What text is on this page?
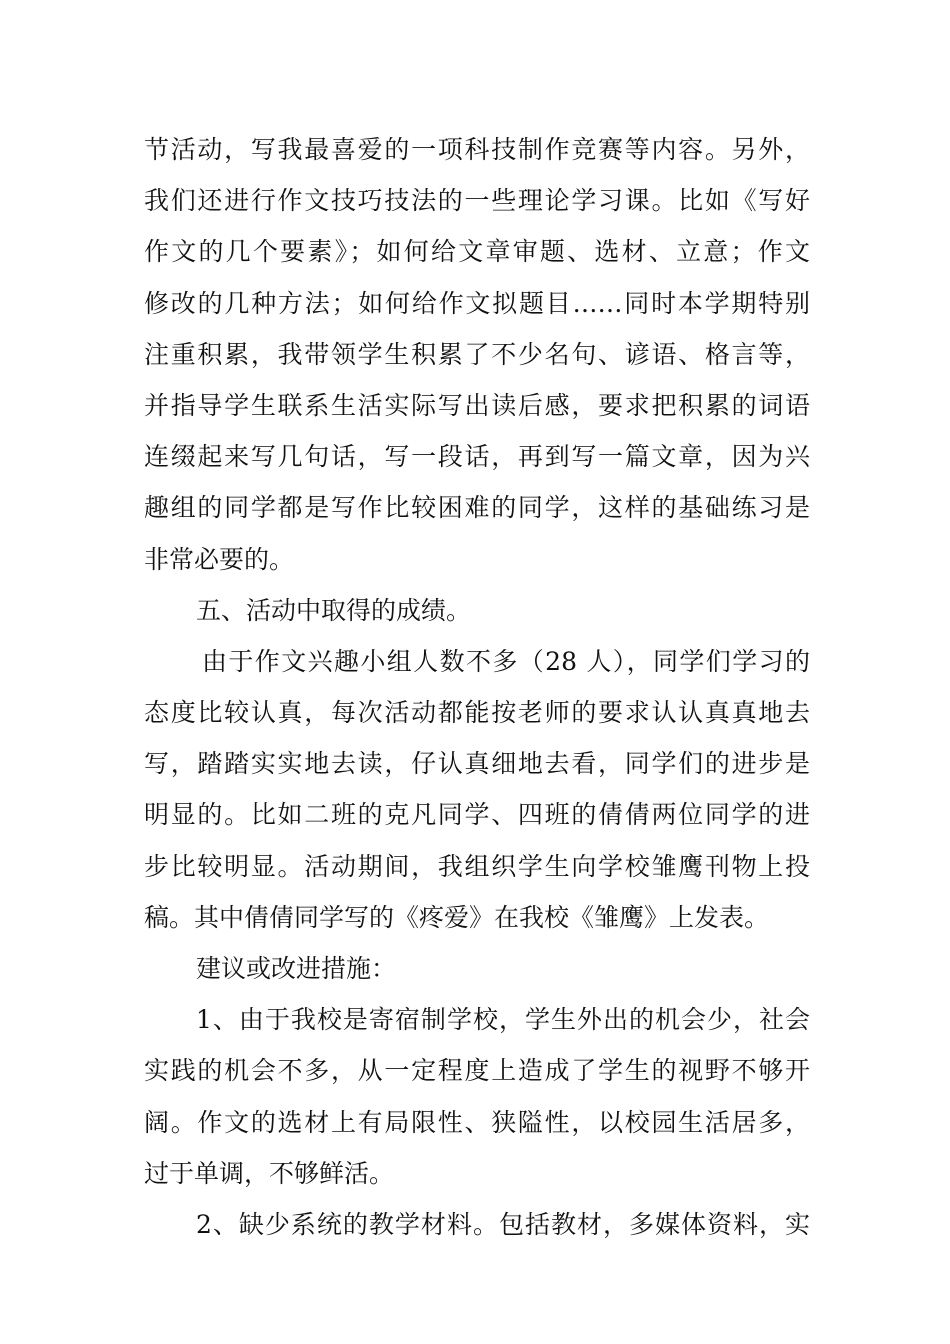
节活动，写我最喜爱的一项科技制作竞赛等内容。另外，
我们还进行作文技巧技法的一些理论学习课。比如《写好
作文的几个要素》；如何给文章审题、选材、立意；作文
修改的几种方法；如何给作文拟题目……同时本学期特别
注重积累，我带领学生积累了不少名句、谚语、格言等，
并指导学生联系生活实际写出读后感，要求把积累的词语
连缀起来写几句话，写一段话，再到写一篇文章，因为兴
趣组的同学都是写作比较困难的同学，这样的基础练习是
非常必要的。
五、活动中取得的成绩。
由于作文兴趣小组人数不多（28 人），同学们学习的
态度比较认真，每次活动都能按老师的要求认认真真地去
写，踏踏实实地去读，仔认真细地去看，同学们的进步是
明显的。比如二班的克凡同学、四班的倩倩两位同学的进
步比较明显。活动期间，我组织学生向学校雏鹰刊物上投
稿。其中倩倩同学写的《疼爱》在我校《雏鹰》上发表。
建议或改进措施：
1、由于我校是寄宿制学校，学生外出的机会少，社会
实践的机会不多，从一定程度上造成了学生的视野不够开
阔。作文的选材上有局限性、狭隘性，以校园生活居多，
过于单调，不够鲜活。
2、缺少系统的教学材料。包括教材，多媒体资料，实
